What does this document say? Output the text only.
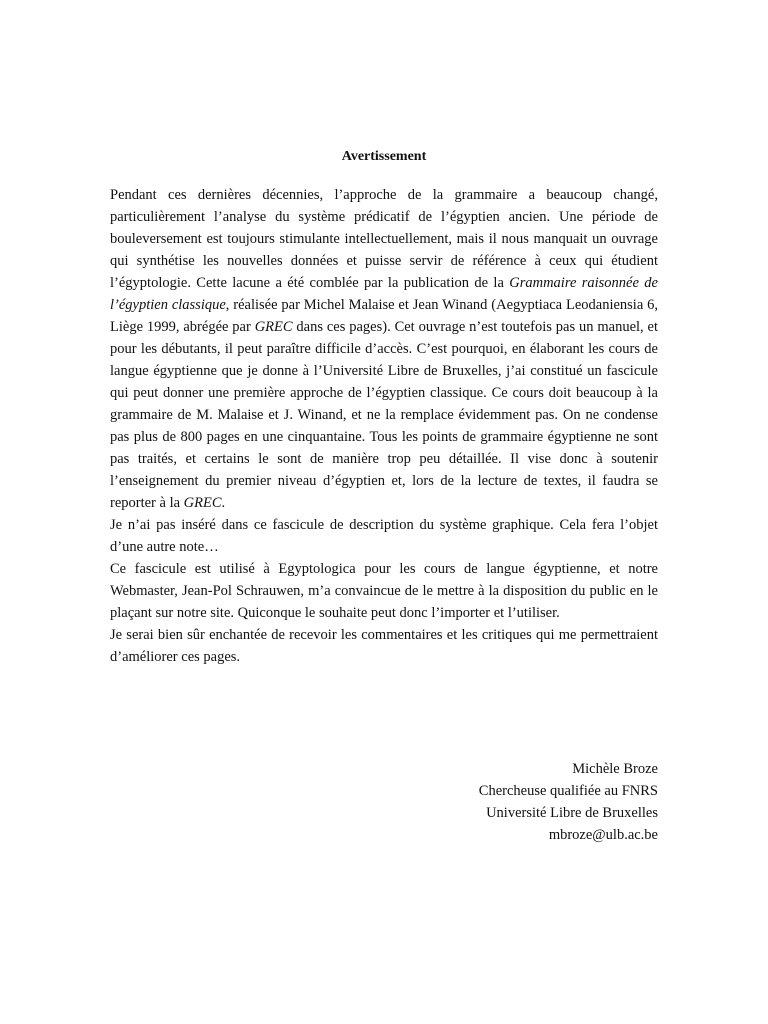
Avertissement

Pendant ces dernières décennies, l’approche de la grammaire a beaucoup changé, particulièrement l’analyse du système prédicatif de l’égyptien ancien. Une période de bouleversement est toujours stimulante intellectuellement, mais il nous manquait un ouvrage qui synthétise les nouvelles données et puisse servir de référence à ceux qui étudient l’égyptologie. Cette lacune a été comblée par la publication de la Grammaire raisonnée de l’égyptien classique, réalisée par Michel Malaise et Jean Winand (Aegyptiaca Leodaniensia 6, Liège 1999, abrégée par GREC dans ces pages). Cet ouvrage n’est toutefois pas un manuel, et pour les débutants, il peut paraître difficile d’accès. C’est pourquoi, en élaborant les cours de langue égyptienne que je donne à l’Université Libre de Bruxelles, j’ai constitué un fascicule qui peut donner une première approche de l’égyptien classique. Ce cours doit beaucoup à la grammaire de M. Malaise et J. Winand, et ne la remplace évidemment pas. On ne condense pas plus de 800 pages en une cinquantaine. Tous les points de grammaire égyptienne ne sont pas traités, et certains le sont de manière trop peu détaillée. Il vise donc à soutenir l’enseignement du premier niveau d’égyptien et, lors de la lecture de textes, il faudra se reporter à la GREC.

Je n’ai pas inséré dans ce fascicule de description du système graphique. Cela fera l’objet d’une autre note…

Ce fascicule est utilisé à Egyptologica pour les cours de langue égyptienne, et notre Webmaster, Jean-Pol Schrauwen, m’a convaincue de le mettre à la disposition du public en le plaçant sur notre site. Quiconque le souhaite peut donc l’importer et l’utiliser.

Je serai bien sûr enchantée de recevoir les commentaires et les critiques qui me permettraient d’améliorer ces pages.

Michèle Broze
Chercheuse qualifiée au FNRS
Université Libre de Bruxelles
mbroze@ulb.ac.be
